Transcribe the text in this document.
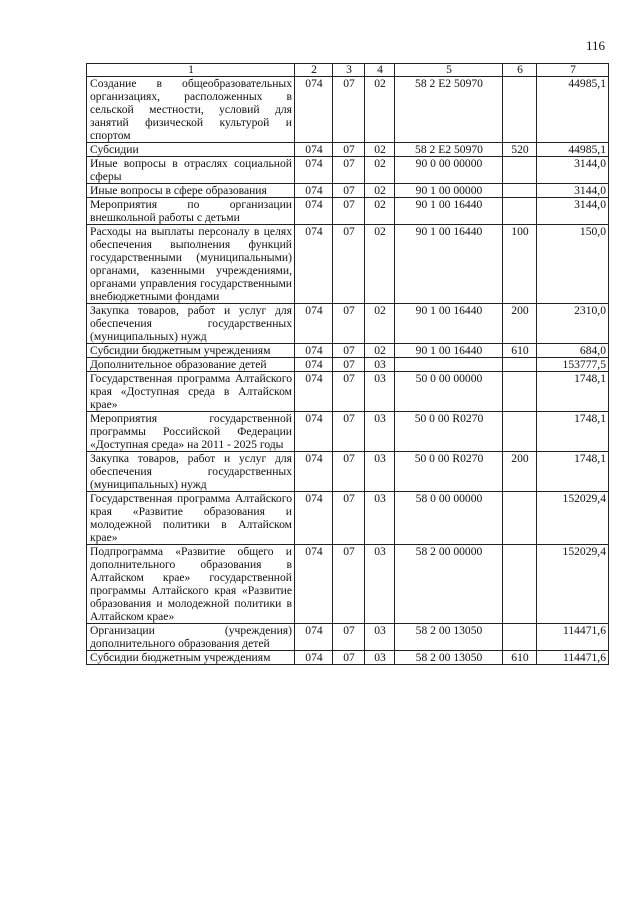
116
1	2	3	4	5	6	7
Создание в общеобразовательных организациях, расположенных в сельской местности, условий для занятий физической культурой и спортом	074	07	02	58 2 Е2 50970		44985,1
Субсидии	074	07	02	58 2 Е2 50970	520	44985,1
Иные вопросы в отраслях социальной сферы	074	07	02	90 0 00 00000		3144,0
Иные вопросы в сфере образования	074	07	02	90 1 00 00000		3144,0
Мероприятия по организации внешкольной работы с детьми	074	07	02	90 1 00 16440		3144,0
Расходы на выплаты персоналу в целях обеспечения выполнения функций государственными (муниципальными) органами, казенными учреждениями, органами управления государственными внебюджетными фондами	074	07	02	90 1 00 16440	100	150,0
Закупка товаров, работ и услуг для обеспечения государственных (муниципальных) нужд	074	07	02	90 1 00 16440	200	2310,0
Субсидии бюджетным учреждениям	074	07	02	90 1 00 16440	610	684,0
Дополнительное образование детей	074	07	03			153777,5
Государственная программа Алтайского края «Доступная среда в Алтайском крае»	074	07	03	50 0 00 00000		1748,1
Мероприятия государственной программы Российской Федерации «Доступная среда» на 2011 - 2025 годы	074	07	03	50 0 00 R0270		1748,1
Закупка товаров, работ и услуг для обеспечения государственных (муниципальных) нужд	074	07	03	50 0 00 R0270	200	1748,1
Государственная программа Алтайского края «Развитие образования и молодежной политики в Алтайском крае»	074	07	03	58 0 00 00000		152029,4
Подпрограмма «Развитие общего и дополнительного образования в Алтайском крае» государственной программы Алтайского края «Развитие образования и молодежной политики в Алтайском крае»	074	07	03	58 2 00 00000		152029,4
Организации (учреждения) дополнительного образования детей	074	07	03	58 2 00 13050		114471,6
Субсидии бюджетным учреждениям	074	07	03	58 2 00 13050	610	114471,6
